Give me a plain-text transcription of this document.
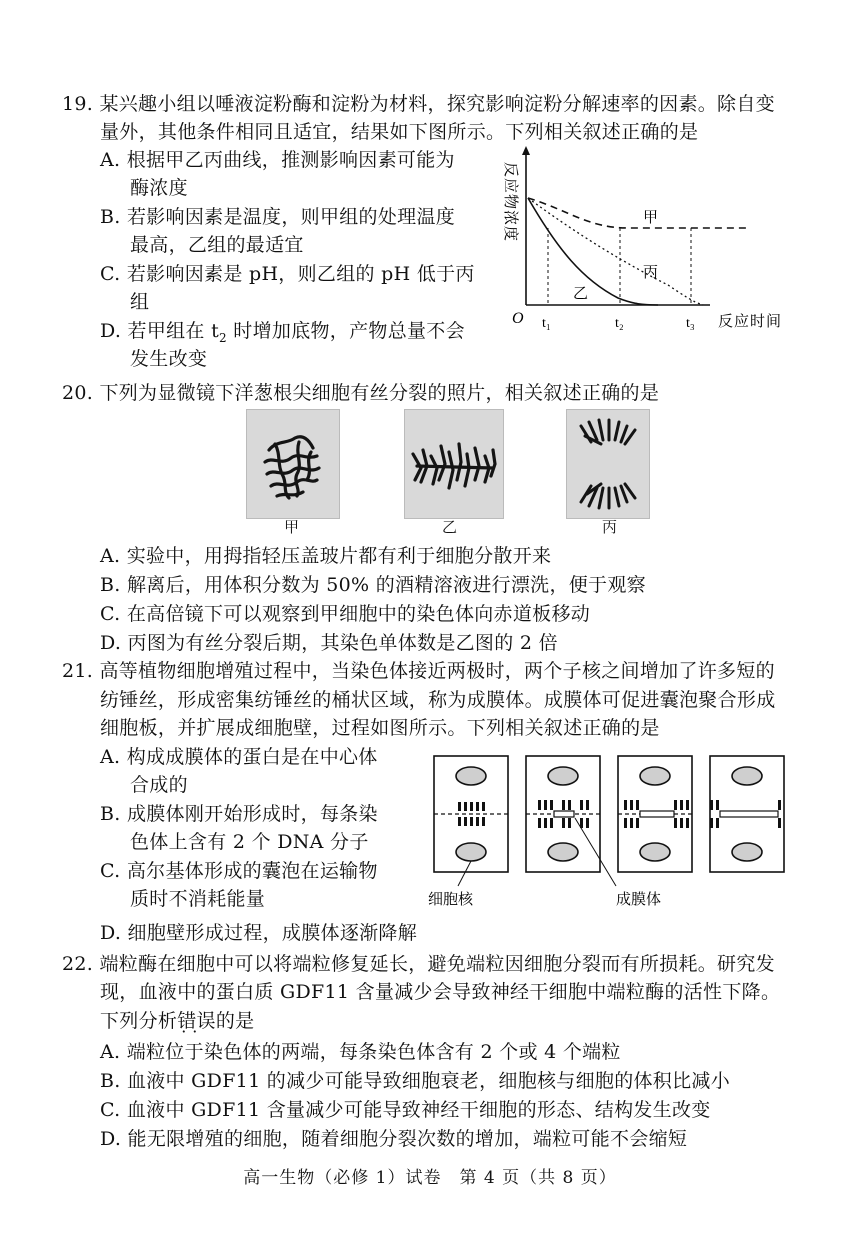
19. 某兴趣小组以唾液淀粉酶和淀粉为材料，探究影响淀粉分解速率的因素。除自变
量外，其他条件相同且适宜，结果如下图所示。下列相关叙述正确的是
A. 根据甲乙丙曲线，推测影响因素可能为
酶浓度
B. 若影响因素是温度，则甲组的处理温度
最高，乙组的最适宜
C. 若影响因素是 pH，则乙组的 pH 低于丙
组
D. 若甲组在 $t_2$ 时增加底物，产物总量不会
发生改变
反应物浓度
O t₁	t₂	t₃ 反应时间
甲
丙
乙
20. 下列为显微镜下洋葱根尖细胞有丝分裂的照片，相关叙述正确的是
甲	乙	丙
A. 实验中，用拇指轻压盖玻片都有利于细胞分散开来
B. 解离后，用体积分数为 50% 的酒精溶液进行漂洗，便于观察
C. 在高倍镜下可以观察到甲细胞中的染色体向赤道板移动
D. 丙图为有丝分裂后期，其染色单体数是乙图的 2 倍
21. 高等植物细胞增殖过程中，当染色体接近两极时，两个子核之间增加了许多短的
纺锤丝，形成密集纺锤丝的桶状区域，称为成膜体。成膜体可促进囊泡聚合形成
细胞板，并扩展成细胞壁，过程如图所示。下列相关叙述正确的是
A. 构成成膜体的蛋白是在中心体
合成的
B. 成膜体刚开始形成时，每条染
色体上含有 2 个 DNA 分子
C. 高尔基体形成的囊泡在运输物
质时不消耗能量
D. 细胞壁形成过程，成膜体逐渐降解
细胞核	成膜体
22. 端粒酶在细胞中可以将端粒修复延长，避免端粒因细胞分裂而有所损耗。研究发
现，血液中的蛋白质 GDF11 含量减少会导致神经干细胞中端粒酶的活性下降。
下列分析错误 ··的是
A. 端粒位于染色体的两端，每条染色体含有 2 个或 4 个端粒
B. 血液中 GDF11 的减少可能导致细胞衰老，细胞核与细胞的体积比减小
C. 血液中 GDF11 含量减少可能导致神经干细胞的形态、结构发生改变
D. 能无限增殖的细胞，随着细胞分裂次数的增加，端粒可能不会缩短
高一生物（必修 1）试卷　第 4 页（共 8 页）
